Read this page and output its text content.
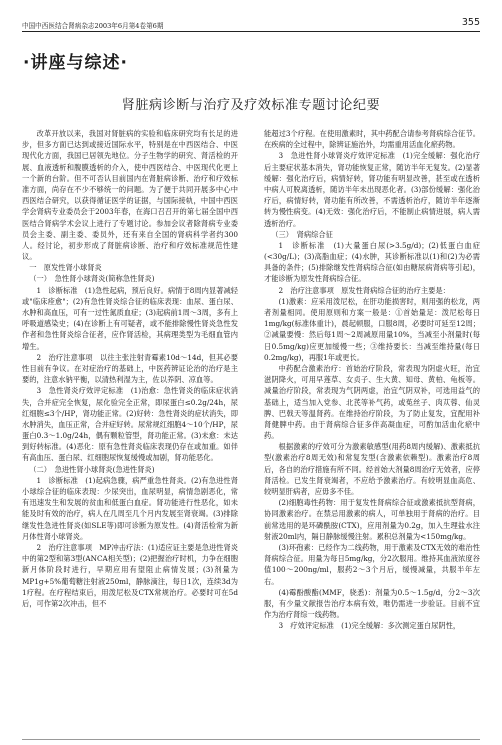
中国中西医结合肾病杂志2003年6月第4卷第6期	355
·讲座与综述·
肾脏病诊断与治疗及疗效标准专题讨论纪要

改革开放以来，我国对肾脏病的实验和临床研究均有长足的进步，但多方面已达到或接近国际水平，特别是在中西医结合、中医现代化方面，我国已居领先地位。分子生物学的研究、肾活检的开展、血液透析和腹膜透析的介入，使中西医结合、中医现代化更上一个新的台阶。但不可否认目前国内在肾脏病诊断、治疗和疗效标准方面，尚存在不少不够统一的问题。为了便于共同开展多中心中西医结合研究，以获得循证医学的证据，与国际接轨，中国中西医学会肾病专业委员会于2003年春，在海口召召开的第七届全国中西医结合肾病学术会议上进行了专题讨论。参加会议者除肾病专业委员会主委、副主委、委员外，还有来自全国的肾病科学者约300人。经讨论，初步形成了肾脏病诊断、治疗和疗效标准规范性建议。

一　原发性肾小球肾炎

（一）　急性肾小球肾炎(简称急性肾炎)

1　诊断标准　(1)急性起病，预后良好。病情于8周内显著减轻或"临床痊愈"；(2)有急性肾炎综合征的临床表现：血尿、蛋白尿、水肿和高血压，可有一过性氮质血症；(3)起病前1周～3周，多有上呼吸道感染史；(4)在诊断上有可疑者，或不能排除慢性肾炎急性发作者和急性肾炎综合征者，应作肾活检，其病理类型为毛细血管内增生。

2　治疗注意事项　以往主张注射青霉素10d～14d，但其必要性目前有争议。在对症治疗的基础上，中医药辨证论治的治疗是主要的，注意水钠平衡，以清热利湿为主，佐以养阴、凉血等。

3　急性肾炎疗效评定标准　(1)治愈：急性肾炎的临床症状消失，合并症完全恢复，尿化验完全正常，即尿蛋白≤0.2g/24h，尿红细胞≤3个/HP，肾功能正常。(2)好转：急性肾炎的症状消失，即水肿消失，血压正常，合并症好转。尿常规红细胞4～10个/HP，尿蛋白0.3～1.0g/24h，偶有颗粒管型，肾功能正常。(3)未愈：未达到好转标准。(4)恶化：原有急性肾炎临床表现仍存在或加重。如伴有高血压、蛋白尿、红细胞尿恢复缓慢或加剧，肾功能恶化。

（二）　急进性肾小球肾炎(急进性肾炎)

1　诊断标准　(1)起病急骤，病严重急性肾炎。(2)有急进性肾小球综合征的临床表现：少尿突出，血尿明显，病情急剧恶化，常有迅速发生和发展的贫血和低蛋白血症。肾功能进行性恶化，如未能及时有效的治疗，病人在几周至几个月内发展至肾衰竭。(3)排除继发性急进性肾炎(如SLE等)即可诊断为原发性。(4)肾活检常为新月体性肾小球肾炎。

2　治疗注意事项　MP冲击疗法：(1)适应证主要是急进性肾炎中的第2型和第3型(ANCA相关型)；(2)把握治疗时机，力争在细胞新月体阶段时进行，早期应用有望阻止病情发展；(3)剂量为MP1g+5%葡萄糖注射液250ml，静脉滴注，每日1次，连续3d为1疗程。在疗程结束后，用泼尼松及CTX常规治疗。必要时可在5d后，可作第2次冲击，但不

能超过3个疗程。在使用激素时，其中药配合请参考肾病综合征节。在疾病的全过程中，除辨证施治外，均需重用活血化瘀药物。

3　急进性肾小球肾炎疗效评定标准　(1)完全缓解：强化治疗后主要症状基本消失，肾功能恢复正常，随访半年无复发。(2)显著缓解：强化治疗后，病情好转，肾功能有明显改善，甚至或在透析中病人可脱离透析，随访半年未出现恶化者。(3)部份缓解：强化治疗后，病情好转，肾功能有所改善，不需透析治疗，随访半年逐渐转为慢性病变。(4)无效：强化治疗后，不能制止病情进展，病人需透析治疗。

（三）　肾病综合征

1　诊断标准　(1)大量蛋白尿(>3.5g/d)；(2)低蛋白血症(<30g/L)；(3)高脂血症；(4)水肿，其诊断标准以(1)和(2)为必需具备的条件；(5)排除继发性肾病综合征(如由糖尿病肾病等引起)，才能诊断为原发性肾病综合征。

2　治疗注意事项　原发性肾病综合征的治疗主要是：

(1)激素：应采用泼尼松，在肝功能损害时，则用强的松龙，两者剂量相同。使用原则和方案一般是：①首始量足：泼尼松每日1mg/kg(标准体重计)，晨起顿服，口服8周，必要时可延至12周；②减量要慢：然后每1周～2周减原用量10%，当减至小剂量时(每日0.5mg/kg)应更加缓慢一些；③维持要长：当减至维持量(每日0.2mg/kg)，再服1年或更长。

中药配合激素治疗：首始治疗阶段，常表现为阴虚火旺，治宜滋阴降火，可用早莲草、女贞子、生大黄、知母、黄柏、龟板等。减量治疗阶段，常表现为气阴两虚，治宜气阴双补，可选用益气的基础上，适当加入党参、北芪等补气药，或菟丝子、肉苁蓉、仙灵脾、巴戟天等温肾药。在维持治疗阶段，为了防止复发，宜配用补肾健脾中药。由于肾病综合征多伴高凝血症，可酌加活血化瘀中药。

根据激素的疗效可分为激素敏感型(用药8周内缓解)、激素抵抗型(激素治疗8周无效)和常复发型(含激素依赖型)。激素治疗8周后，各自的治疗措施有所不同。经首始大剂量8周治疗无效者，应停肾活检。已发生肾衰竭者，不应给予激素治疗。有较明显血高危、较明显肝病者，应毋多不佳。

(2)细胞毒性药物：用于复发性肾病综合征或激素抵抗型肾病，协同激素治疗。在禁忌用激素的病人，可单独用于肾病的治疗。目前常选用的是环磷酰胺(CTX)，应用剂量为0.2g，加入生理盐水注射液20ml内，隔日静脉缓慢注射。累积总剂量为<150mg/kg。

(3)环孢素：已经作为二线药物，用于激素及CTX无效的难治性肾病综合征。用量为每日5mg/kg，分2次服用。维持其血液浓度谷值100～200ng/ml，服药2～3个月后，缓慢减量，共服半年左右。

(4)霉酚酸酯(MMF，骁悉)：剂量为0.5～1.5g/d，分2～3次服，有少量文献报告治疗本病有效，唯仍需进一步验证。目前不宜作为治疗肾综一线药物。

3　疗效评定标准　(1)完全缓解：多次测定蛋白尿阴性，
